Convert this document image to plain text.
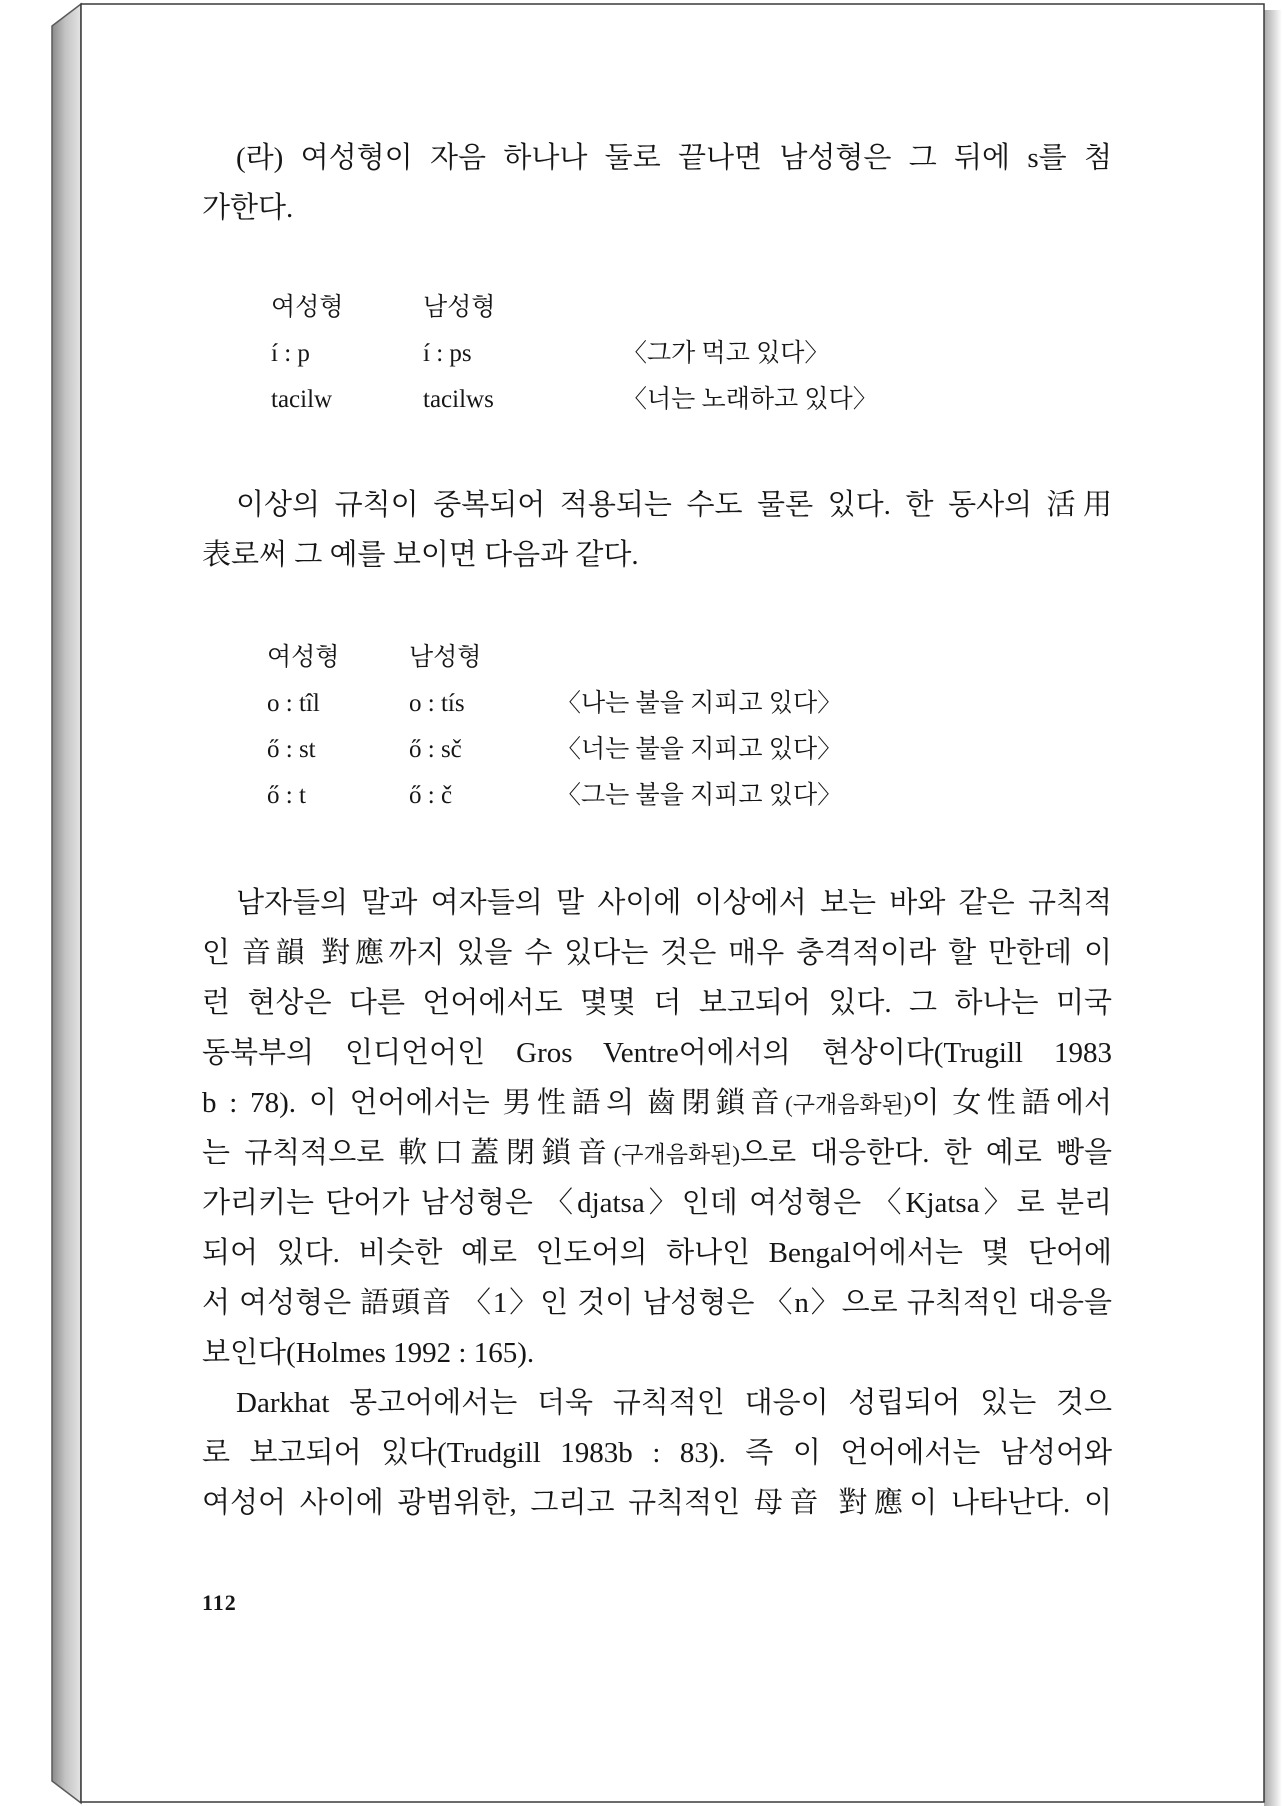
(라) 여성형이 자음 하나나 둘로 끝나면 남성형은 그 뒤에 s를 첨
가한다.
여성형	남성형
í : p	í : ps	〈그가 먹고 있다〉
tacilw	tacilws	〈너는 노래하고 있다〉
이상의 규칙이 중복되어 적용되는 수도 물론 있다. 한 동사의 活用
表로써 그 예를 보이면 다음과 같다.
여성형	남성형
o : tîl	o : tís	〈나는 불을 지피고 있다〉
ő : st	ő : sč	〈너는 불을 지피고 있다〉
ő : t	ő : č	〈그는 불을 지피고 있다〉
남자들의 말과 여자들의 말 사이에 이상에서 보는 바와 같은 규칙적
인 音韻 對應까지 있을 수 있다는 것은 매우 충격적이라 할 만한데 이
런 현상은 다른 언어에서도 몇몇 더 보고되어 있다. 그 하나는 미국
동북부의 인디언어인 Gros Ventre어에서의 현상이다(Trugill 1983
b : 78). 이 언어에서는 男性語의 齒閉鎖音(구개음화된)이 女性語에서
는 규칙적으로 軟口蓋閉鎖音(구개음화된)으로 대응한다. 한 예로 빵을
가리키는 단어가 남성형은 〈djatsa〉인데 여성형은 〈Kjatsa〉로 분리
되어 있다. 비슷한 예로 인도어의 하나인 Bengal어에서는 몇 단어에
서 여성형은 語頭音 〈1〉인 것이 남성형은 〈n〉으로 규칙적인 대응을
보인다(Holmes 1992 : 165).
Darkhat 몽고어에서는 더욱 규칙적인 대응이 성립되어 있는 것으
로 보고되어 있다(Trudgill 1983b : 83). 즉 이 언어에서는 남성어와
여성어 사이에 광범위한, 그리고 규칙적인 母音 對應이 나타난다. 이
112
